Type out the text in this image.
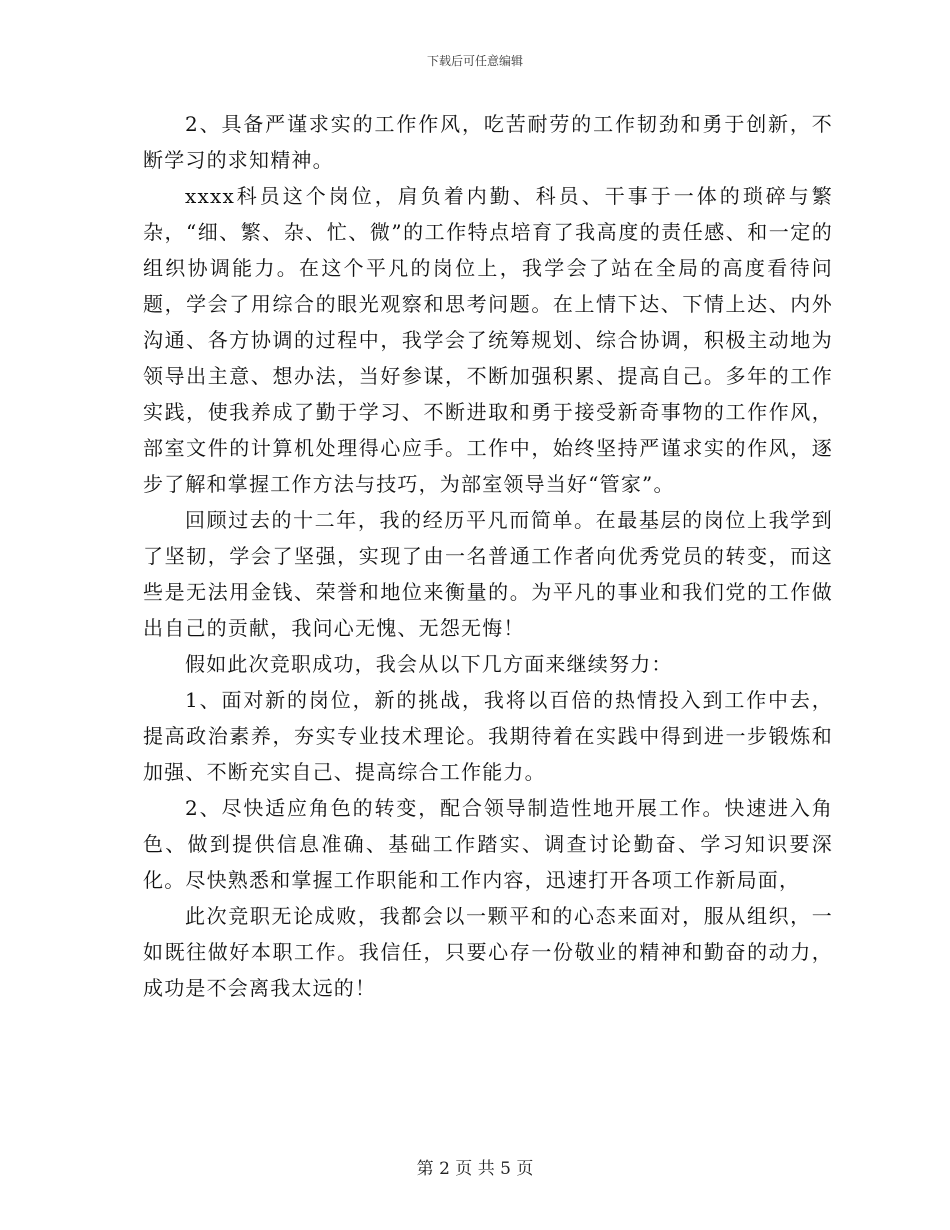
下载后可任意编辑

2、具备严谨求实的工作作风，吃苦耐劳的工作韧劲和勇于创新，不断学习的求知精神。

xxxx科员这个岗位，肩负着内勤、科员、干事于一体的琐碎与繁杂，“细、繁、杂、忙、微”的工作特点培育了我高度的责任感、和一定的组织协调能力。在这个平凡的岗位上，我学会了站在全局的高度看待问题，学会了用综合的眼光观察和思考问题。在上情下达、下情上达、内外沟通、各方协调的过程中，我学会了统筹规划、综合协调，积极主动地为领导出主意、想办法，当好参谋，不断加强积累、提高自己。多年的工作实践，使我养成了勤于学习、不断进取和勇于接受新奇事物的工作作风，部室文件的计算机处理得心应手。工作中，始终坚持严谨求实的作风，逐步了解和掌握工作方法与技巧，为部室领导当好“管家”。

回顾过去的十二年，我的经历平凡而简单。在最基层的岗位上我学到了坚韧，学会了坚强，实现了由一名普通工作者向优秀党员的转变，而这些是无法用金钱、荣誉和地位来衡量的。为平凡的事业和我们党的工作做出自己的贡献，我问心无愧、无怨无悔！

假如此次竞职成功，我会从以下几方面来继续努力：

1、面对新的岗位，新的挑战，我将以百倍的热情投入到工作中去，提高政治素养，夯实专业技术理论。我期待着在实践中得到进一步锻炼和加强、不断充实自己、提高综合工作能力。

2、尽快适应角色的转变，配合领导制造性地开展工作。快速进入角色、做到提供信息准确、基础工作踏实、调查讨论勤奋、学习知识要深化。尽快熟悉和掌握工作职能和工作内容，迅速打开各项工作新局面，

此次竞职无论成败，我都会以一颗平和的心态来面对，服从组织，一如既往做好本职工作。我信任，只要心存一份敬业的精神和勤奋的动力，成功是不会离我太远的！

第 2 页 共 5 页
